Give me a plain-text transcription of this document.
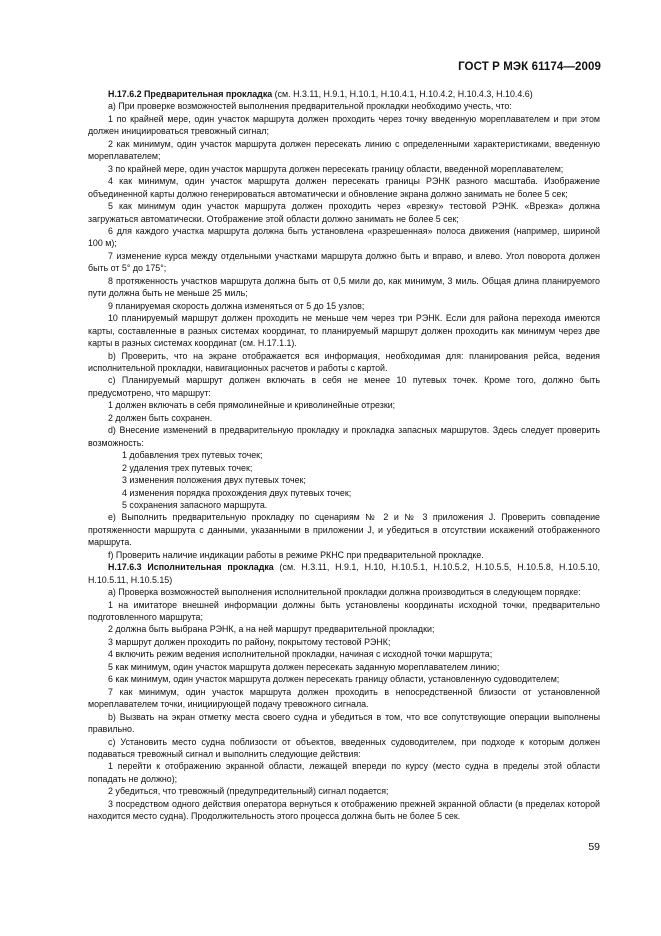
ГОСТ Р МЭК 61174—2009

Н.17.6.2 Предварительная прокладка (см. Н.3.11, Н.9.1, Н.10.1, Н.10.4.1, Н.10.4.2, Н.10.4.3, Н.10.4.6)

а) При проверке возможностей выполнения предварительной прокладки необходимо учесть, что:

1 по крайней мере, один участок маршрута должен проходить через точку введенную мореплавателем и при этом должен инициироваться тревожный сигнал;

2 как минимум, один участок маршрута должен пересекать линию с определенными характеристиками, введенную мореплавателем;

3 по крайней мере, один участок маршрута должен пересекать границу области, введенной мореплавателем;

4 как минимум, один участок маршрута должен пересекать границы РЭНК разного масштаба. Изображение объединенной карты должно генерироваться автоматически и обновление экрана должно занимать не более 5 сек;

5 как минимум один участок маршрута должен проходить через «врезку» тестовой РЭНК. «Врезка» должна загружаться автоматически. Отображение этой области должно занимать не более 5 сек;

6 для каждого участка маршрута должна быть установлена «разрешенная» полоса движения (например, шириной 100 м);

7 изменение курса между отдельными участками маршрута должно быть и вправо, и влево. Угол поворота должен быть от 5° до 175°;

8 протяженность участков маршрута должна быть от 0,5 мили до, как минимум, 3 миль. Общая длина планируемого пути должна быть не меньше 25 миль;

9 планируемая скорость должна изменяться от 5 до 15 узлов;

10 планируемый маршрут должен проходить не меньше чем через три РЭНК. Если для района перехода имеются карты, составленные в разных системах координат, то планируемый маршрут должен проходить как минимум через две карты в разных системах координат (см. Н.17.1.1).

b) Проверить, что на экране отображается вся информация, необходимая для: планирования рейса, ведения исполнительной прокладки, навигационных расчетов и работы с картой.

с) Планируемый маршрут должен включать в себя не менее 10 путевых точек. Кроме того, должно быть предусмотрено, что маршрут:

1 должен включать в себя прямолинейные и криволинейные отрезки;

2 должен быть сохранен.

d) Внесение изменений в предварительную прокладку и прокладка запасных маршрутов. Здесь следует проверить возможность:

1 добавления трех путевых точек;

2 удаления трех путевых точек;

3 изменения положения двух путевых точек;

4 изменения порядка прохождения двух путевых точек;

5 сохранения запасного маршрута.

е) Выполнить предварительную прокладку по сценариям № 2 и № 3 приложения J. Проверить совпадение протяженности маршрута с данными, указанными в приложении J, и убедиться в отсутствии искажений отображенного маршрута.

f) Проверить наличие индикации работы в режиме РКНС при предварительной прокладке.

Н.17.6.3 Исполнительная прокладка (см. Н.3.11, Н.9.1, Н.10, Н.10.5.1, Н.10.5.2, Н.10.5.5, Н.10.5.8, Н.10.5.10, Н.10.5.11, Н.10.5.15)

а) Проверка возможностей выполнения исполнительной прокладки должна производиться в следующем порядке:

1 на имитаторе внешней информации должны быть установлены координаты исходной точки, предварительно подготовленного маршрута;

2 должна быть выбрана РЭНК, а на ней маршрут предварительной прокладки;

3 маршрут должен проходить по району, покрытому тестовой РЭНК;

4 включить режим ведения исполнительной прокладки, начиная с исходной точки маршрута;

5 как минимум, один участок маршрута должен пересекать заданную мореплавателем линию;

6 как минимум, один участок маршрута должен пересекать границу области, установленную судоводителем;

7 как минимум, один участок маршрута должен проходить в непосредственной близости от установленной мореплавателем точки, инициирующей подачу тревожного сигнала.

b) Вызвать на экран отметку места своего судна и убедиться в том, что все сопутствующие операции выполнены правильно.

с) Установить место судна поблизости от объектов, введенных судоводителем, при подходе к которым должен подаваться тревожный сигнал и выполнить следующие действия:

1 перейти к отображению экранной области, лежащей впереди по курсу (место судна в пределы этой области попадать не должно);

2 убедиться, что тревожный (предупредительный) сигнал подается;

3 посредством одного действия оператора вернуться к отображению прежней экранной области (в пределах которой находится место судна). Продолжительность этого процесса должна быть не более 5 сек.

59
